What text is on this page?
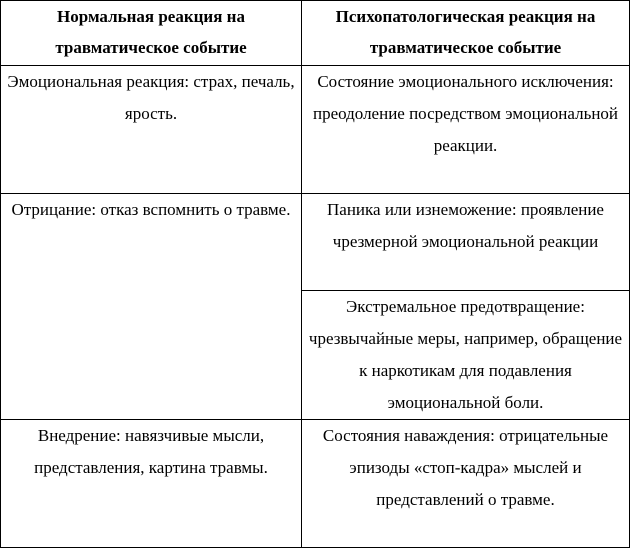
Нормальная реакция на травматическое событие	Психопатологическая реакция на травматическое событие

Эмоциональная реакция: страх, печаль, ярость.	Состояние эмоционального исключения: преодоление посредством эмоциональной реакции.

Отрицание: отказ вспомнить о травме.	Паника или изнеможение: проявление чрезмерной эмоциональной реакции

	Экстремальное предотвращение: чрезвычайные меры, например, обращение к наркотикам для подавления эмоциональной боли.

Внедрение: навязчивые мысли, представления, картина травмы.	Состояния наваждения: отрицательные эпизоды «стоп-кадра» мыслей и представлений о травме.
